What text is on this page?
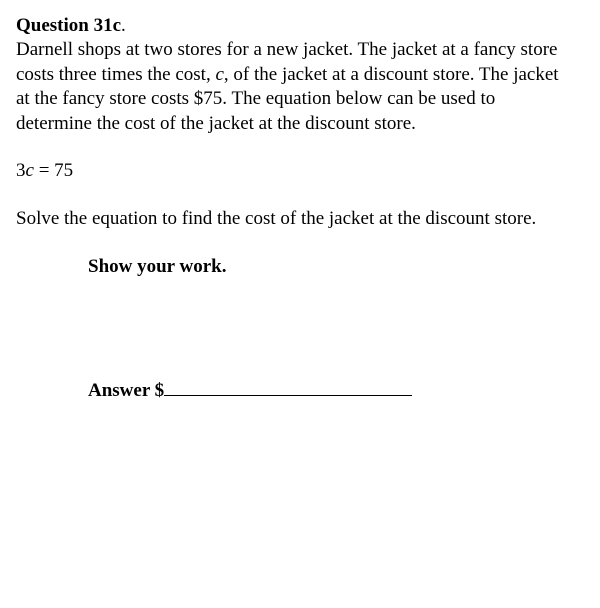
Question 31c.

Darnell shops at two stores for a new jacket. The jacket at a fancy store
costs three times the cost, c, of the jacket at a discount store. The jacket
at the fancy store costs $75. The equation below can be used to
determine the cost of the jacket at the discount store.

3c = 75

Solve the equation to find the cost of the jacket at the discount store.

Show your work.

Answer $
